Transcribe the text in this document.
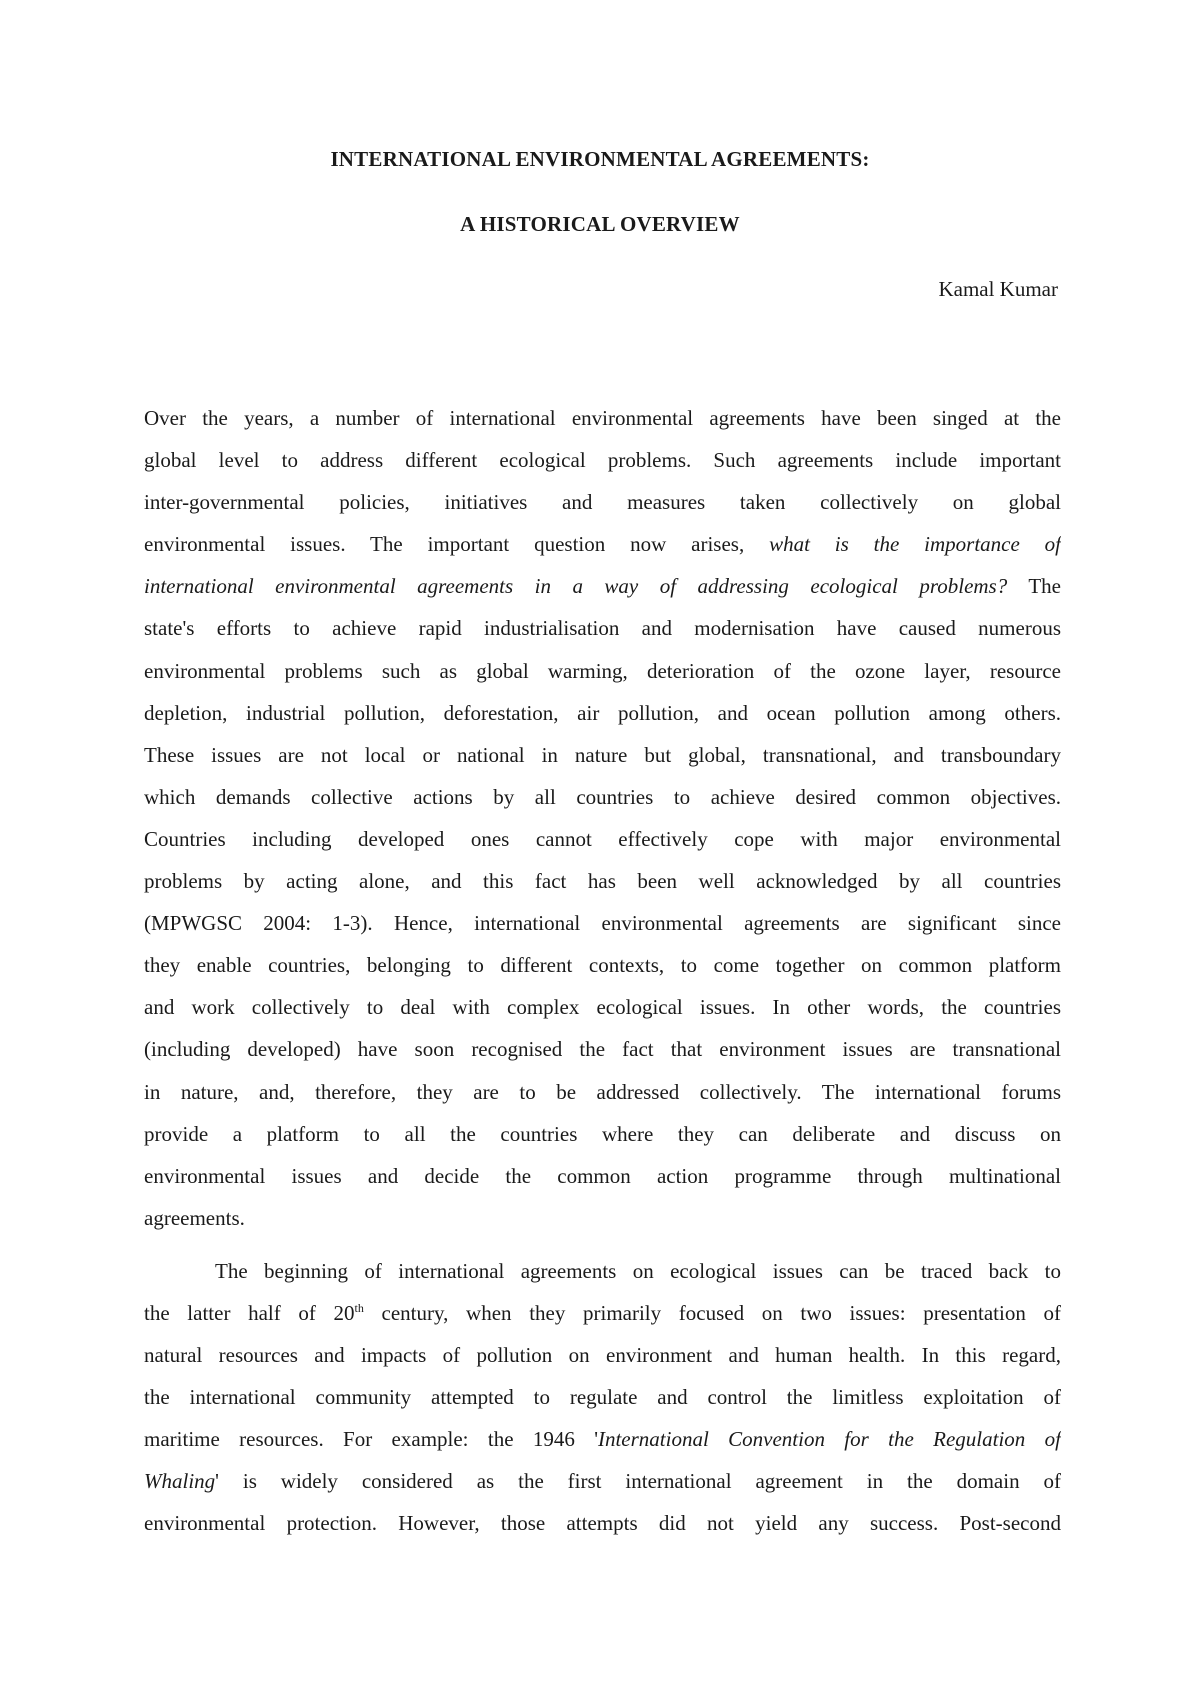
INTERNATIONAL ENVIRONMENTAL AGREEMENTS:
A HISTORICAL OVERVIEW
Kamal Kumar
Over the years, a number of international environmental agreements have been singed at the
global level to address different ecological problems. Such agreements include important
inter-governmental policies, initiatives and measures taken collectively on global
environmental issues. The important question now arises, what is the importance of
international environmental agreements in a way of addressing ecological problems? The
state's efforts to achieve rapid industrialisation and modernisation have caused numerous
environmental problems such as global warming, deterioration of the ozone layer, resource
depletion, industrial pollution, deforestation, air pollution, and ocean pollution among others.
These issues are not local or national in nature but global, transnational, and transboundary
which demands collective actions by all countries to achieve desired common objectives.
Countries including developed ones cannot effectively cope with major environmental
problems by acting alone, and this fact has been well acknowledged by all countries
(MPWGSC 2004: 1-3). Hence, international environmental agreements are significant since
they enable countries, belonging to different contexts, to come together on common platform
and work collectively to deal with complex ecological issues. In other words, the countries
(including developed) have soon recognised the fact that environment issues are transnational
in nature, and, therefore, they are to be addressed collectively. The international forums
provide a platform to all the countries where they can deliberate and discuss on
environmental issues and decide the common action programme through multinational
agreements.
The beginning of international agreements on ecological issues can be traced back to
the latter half of 20th century, when they primarily focused on two issues: presentation of
natural resources and impacts of pollution on environment and human health. In this regard,
the international community attempted to regulate and control the limitless exploitation of
maritime resources. For example: the 1946 'International Convention for the Regulation of
Whaling' is widely considered as the first international agreement in the domain of
environmental protection. However, those attempts did not yield any success. Post-second
